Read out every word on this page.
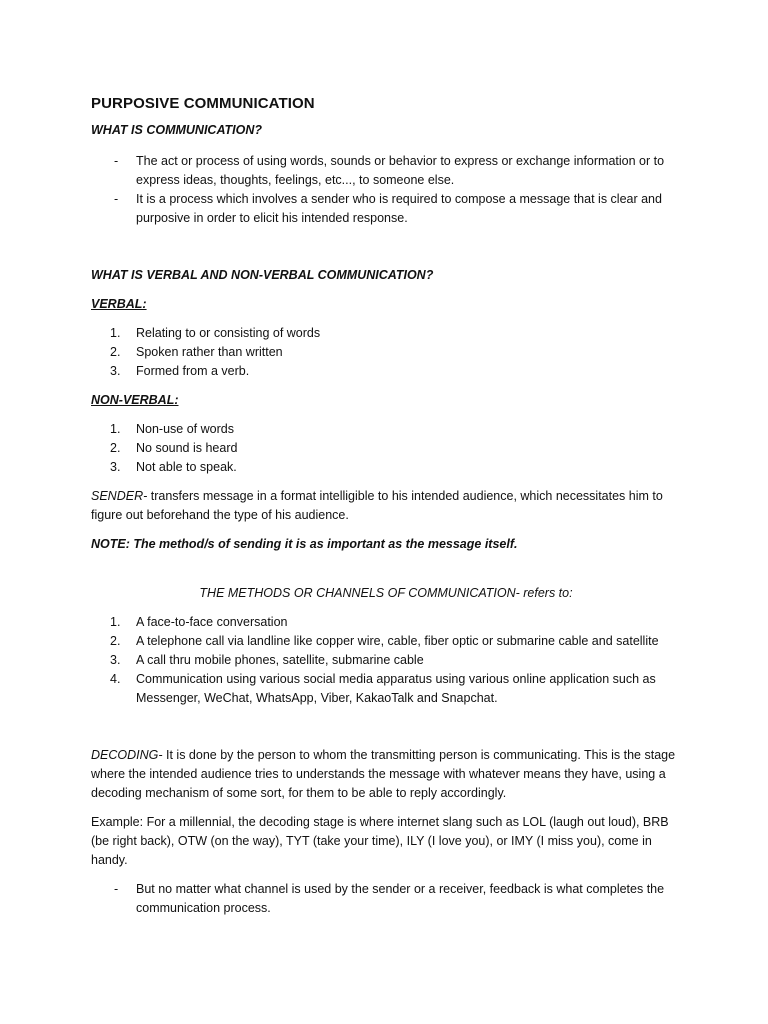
PURPOSIVE COMMUNICATION

WHAT IS COMMUNICATION?

- The act or process of using words, sounds or behavior to express or exchange information or to express ideas, thoughts, feelings, etc..., to someone else.
- It is a process which involves a sender who is required to compose a message that is clear and purposive in order to elicit his intended response.

WHAT IS VERBAL AND NON-VERBAL COMMUNICATION?

VERBAL:

1. Relating to or consisting of words
2. Spoken rather than written
3. Formed from a verb.

NON-VERBAL:

1. Non-use of words
2. No sound is heard
3. Not able to speak.

SENDER- transfers message in a format intelligible to his intended audience, which necessitates him to figure out beforehand the type of his audience.

NOTE: The method/s of sending it is as important as the message itself.

THE METHODS OR CHANNELS OF COMMUNICATION- refers to:

1. A face-to-face conversation
2. A telephone call via landline like copper wire, cable, fiber optic or submarine cable and satellite
3. A call thru mobile phones, satellite, submarine cable
4. Communication using various social media apparatus using various online application such as Messenger, WeChat, WhatsApp, Viber, KakaoTalk and Snapchat.

DECODING- It is done by the person to whom the transmitting person is communicating. This is the stage where the intended audience tries to understands the message with whatever means they have, using a decoding mechanism of some sort, for them to be able to reply accordingly.

Example: For a millennial, the decoding stage is where internet slang such as LOL (laugh out loud), BRB (be right back), OTW (on the way), TYT (take your time), ILY (I love you), or IMY (I miss you), come in handy.

- But no matter what channel is used by the sender or a receiver, feedback is what completes the communication process.
